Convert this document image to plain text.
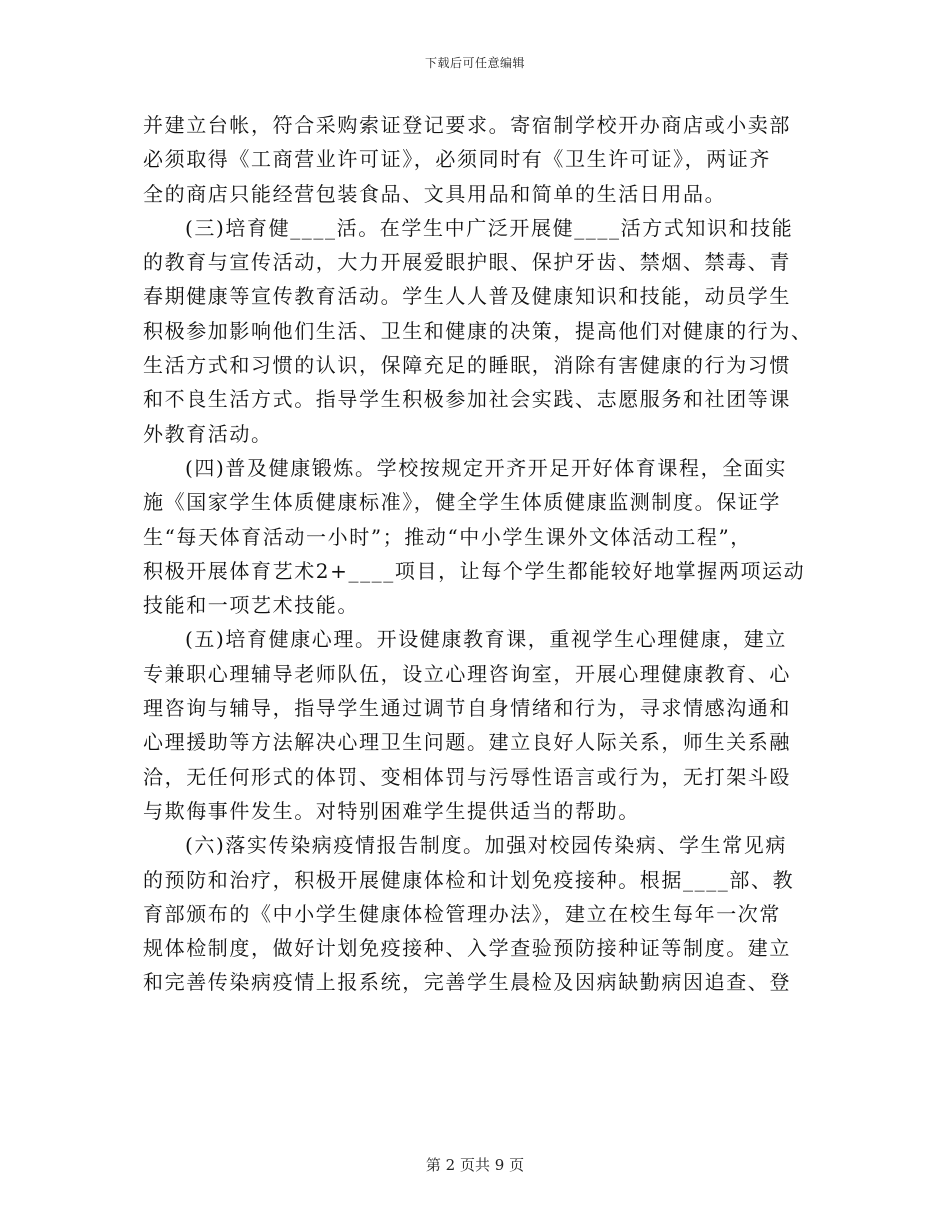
下载后可任意编辑
并建立台帐，符合采购索证登记要求。寄宿制学校开办商店或小卖部
必须取得《工商营业许可证》，必须同时有《卫生许可证》，两证齐
全的商店只能经营包装食品、文具用品和简单的生活日用品。
(三)培育健____活。在学生中广泛开展健____活方式知识和技能
的教育与宣传活动，大力开展爱眼护眼、保护牙齿、禁烟、禁毒、青
春期健康等宣传教育活动。学生人人普及健康知识和技能，动员学生
积极参加影响他们生活、卫生和健康的决策，提高他们对健康的行为、
生活方式和习惯的认识，保障充足的睡眠，消除有害健康的行为习惯
和不良生活方式。指导学生积极参加社会实践、志愿服务和社团等课
外教育活动。
(四)普及健康锻炼。学校按规定开齐开足开好体育课程，全面实
施《国家学生体质健康标准》，健全学生体质健康监测制度。保证学
生“每天体育活动一小时”；推动“中小学生课外文体活动工程”，
积极开展体育艺术2+____项目，让每个学生都能较好地掌握两项运动
技能和一项艺术技能。
(五)培育健康心理。开设健康教育课，重视学生心理健康，建立
专兼职心理辅导老师队伍，设立心理咨询室，开展心理健康教育、心
理咨询与辅导，指导学生通过调节自身情绪和行为，寻求情感沟通和
心理援助等方法解决心理卫生问题。建立良好人际关系，师生关系融
洽，无任何形式的体罚、变相体罚与污辱性语言或行为，无打架斗殴
与欺侮事件发生。对特别困难学生提供适当的帮助。
(六)落实传染病疫情报告制度。加强对校园传染病、学生常见病
的预防和治疗，积极开展健康体检和计划免疫接种。根据____部、教
育部颁布的《中小学生健康体检管理办法》，建立在校生每年一次常
规体检制度，做好计划免疫接种、入学查验预防接种证等制度。建立
和完善传染病疫情上报系统，完善学生晨检及因病缺勤病因追查、登
第 2 页共 9 页
